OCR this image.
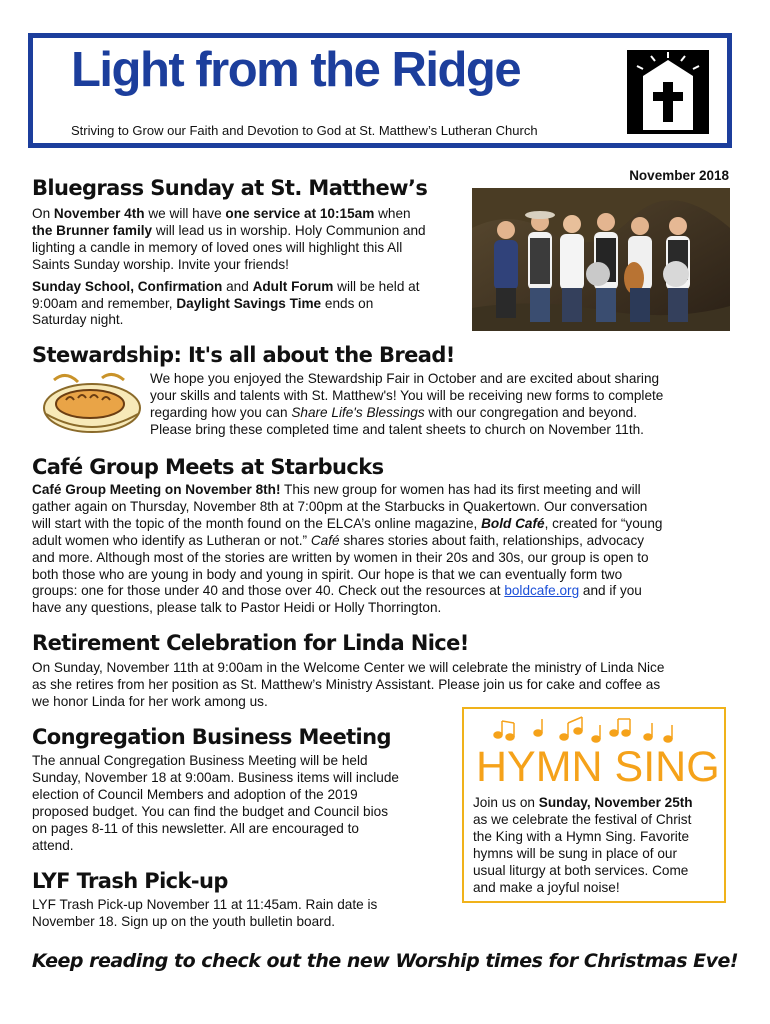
Light from the Ridge
Striving to Grow our Faith and Devotion to God at St. Matthew’s Lutheran Church
November 2018
Bluegrass Sunday at St. Matthew’s

On November 4th we will have one service at 10:15am when

the Brunner family will lead us in worship. Holy Communion and

lighting a candle in memory of loved ones will highlight this All

Saints Sunday worship. Invite your friends!

Sunday School, Confirmation and Adult Forum will be held at

9:00am and remember, Daylight Savings Time ends on

Saturday night.

Stewardship: It's all about the Bread!

We hope you enjoyed the Stewardship Fair in October and are excited about sharing

your skills and talents with St. Matthew's! You will be receiving new forms to complete

regarding how you can Share Life's Blessings with our congregation and beyond.

Please bring these completed time and talent sheets to church on November 11th.

Café Group Meets at Starbucks

Café Group Meeting on November 8th! This new group for women has had its first meeting and will

gather again on Thursday, November 8th at 7:00pm at the Starbucks in Quakertown. Our conversation

will start with the topic of the month found on the ELCA’s online magazine, Bold Café, created for “young

adult women who identify as Lutheran or not.” Café shares stories about faith, relationships, advocacy

and more. Although most of the stories are written by women in their 20s and 30s, our group is open to

both those who are young in body and young in spirit. Our hope is that we can eventually form two

groups: one for those under 40 and those over 40. Check out the resources at boldcafe.org and if you

have any questions, please talk to Pastor Heidi or Holly Thorrington.

Retirement Celebration for Linda Nice!

On Sunday, November 11th at 9:00am in the Welcome Center we will celebrate the ministry of Linda Nice

as she retires from her position as St. Matthew’s Ministry Assistant. Please join us for cake and coffee as

we honor Linda for her work among us.

Congregation Business Meeting

The annual Congregation Business Meeting will be held

Sunday, November 18 at 9:00am. Business items will include

election of Council Members and adoption of the 2019

proposed budget. You can find the budget and Council bios

on pages 8-11 of this newsletter. All are encouraged to

attend.

LYF Trash Pick-up

LYF Trash Pick-up November 11 at 11:45am. Rain date is

November 18. Sign up on the youth bulletin board.

HYMN SING

Join us on Sunday, November 25th

as we celebrate the festival of Christ

the King with a Hymn Sing. Favorite

hymns will be sung in place of our

usual liturgy at both services. Come

and make a joyful noise!

Keep reading to check out the new Worship times for Christmas Eve!
